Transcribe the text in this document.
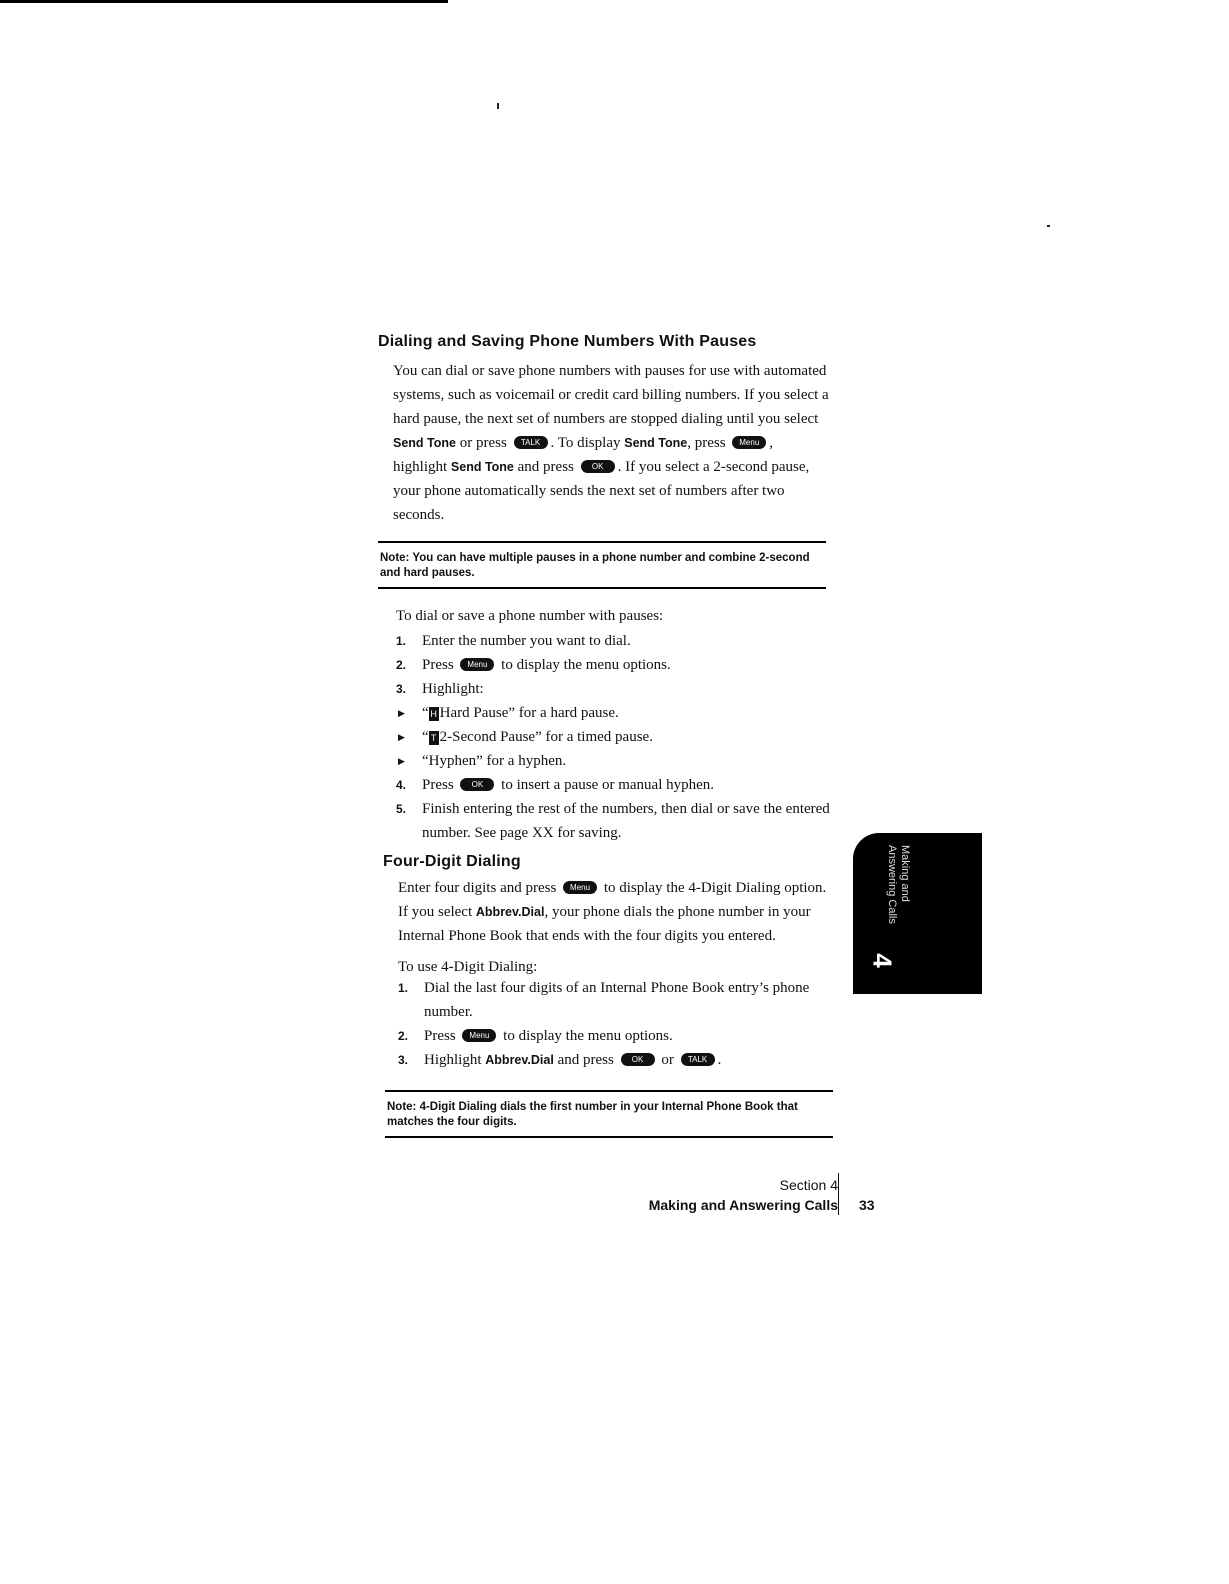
Dialing and Saving Phone Numbers With Pauses

You can dial or save phone numbers with pauses for use with automated systems, such as voicemail or credit card billing numbers. If you select a hard pause, the next set of numbers are stopped dialing until you select Send Tone or press TALK . To display Send Tone, press Menu , highlight Send Tone and press OK . If you select a 2-second pause, your phone automatically sends the next set of numbers after two seconds.

Note: You can have multiple pauses in a phone number and combine 2-second and hard pauses.

To dial or save a phone number with pauses:

1. Enter the number you want to dial.
2. Press Menu to display the menu options.
3. Highlight:
▶ “ H Hard Pause” for a hard pause.
▶ “ T 2-Second Pause” for a timed pause.
▶ “Hyphen” for a hyphen.
4. Press OK to insert a pause or manual hyphen.
5. Finish entering the rest of the numbers, then dial or save the entered number. See page XX for saving.
Four-Digit Dialing

Enter four digits and press Menu to display the 4-Digit Dialing option. If you select Abbrev.Dial, your phone dials the phone number in your Internal Phone Book that ends with the four digits you entered.

To use 4-Digit Dialing:

1. Dial the last four digits of an Internal Phone Book entry’s phone number.
2. Press Menu to display the menu options.
3. Highlight Abbrev.Dial and press OK or TALK .
Note: 4-Digit Dialing dials the first number in your Internal Phone Book that matches the four digits.
Making and Answering Calls
4
Section 4
Making and Answering Calls 33
